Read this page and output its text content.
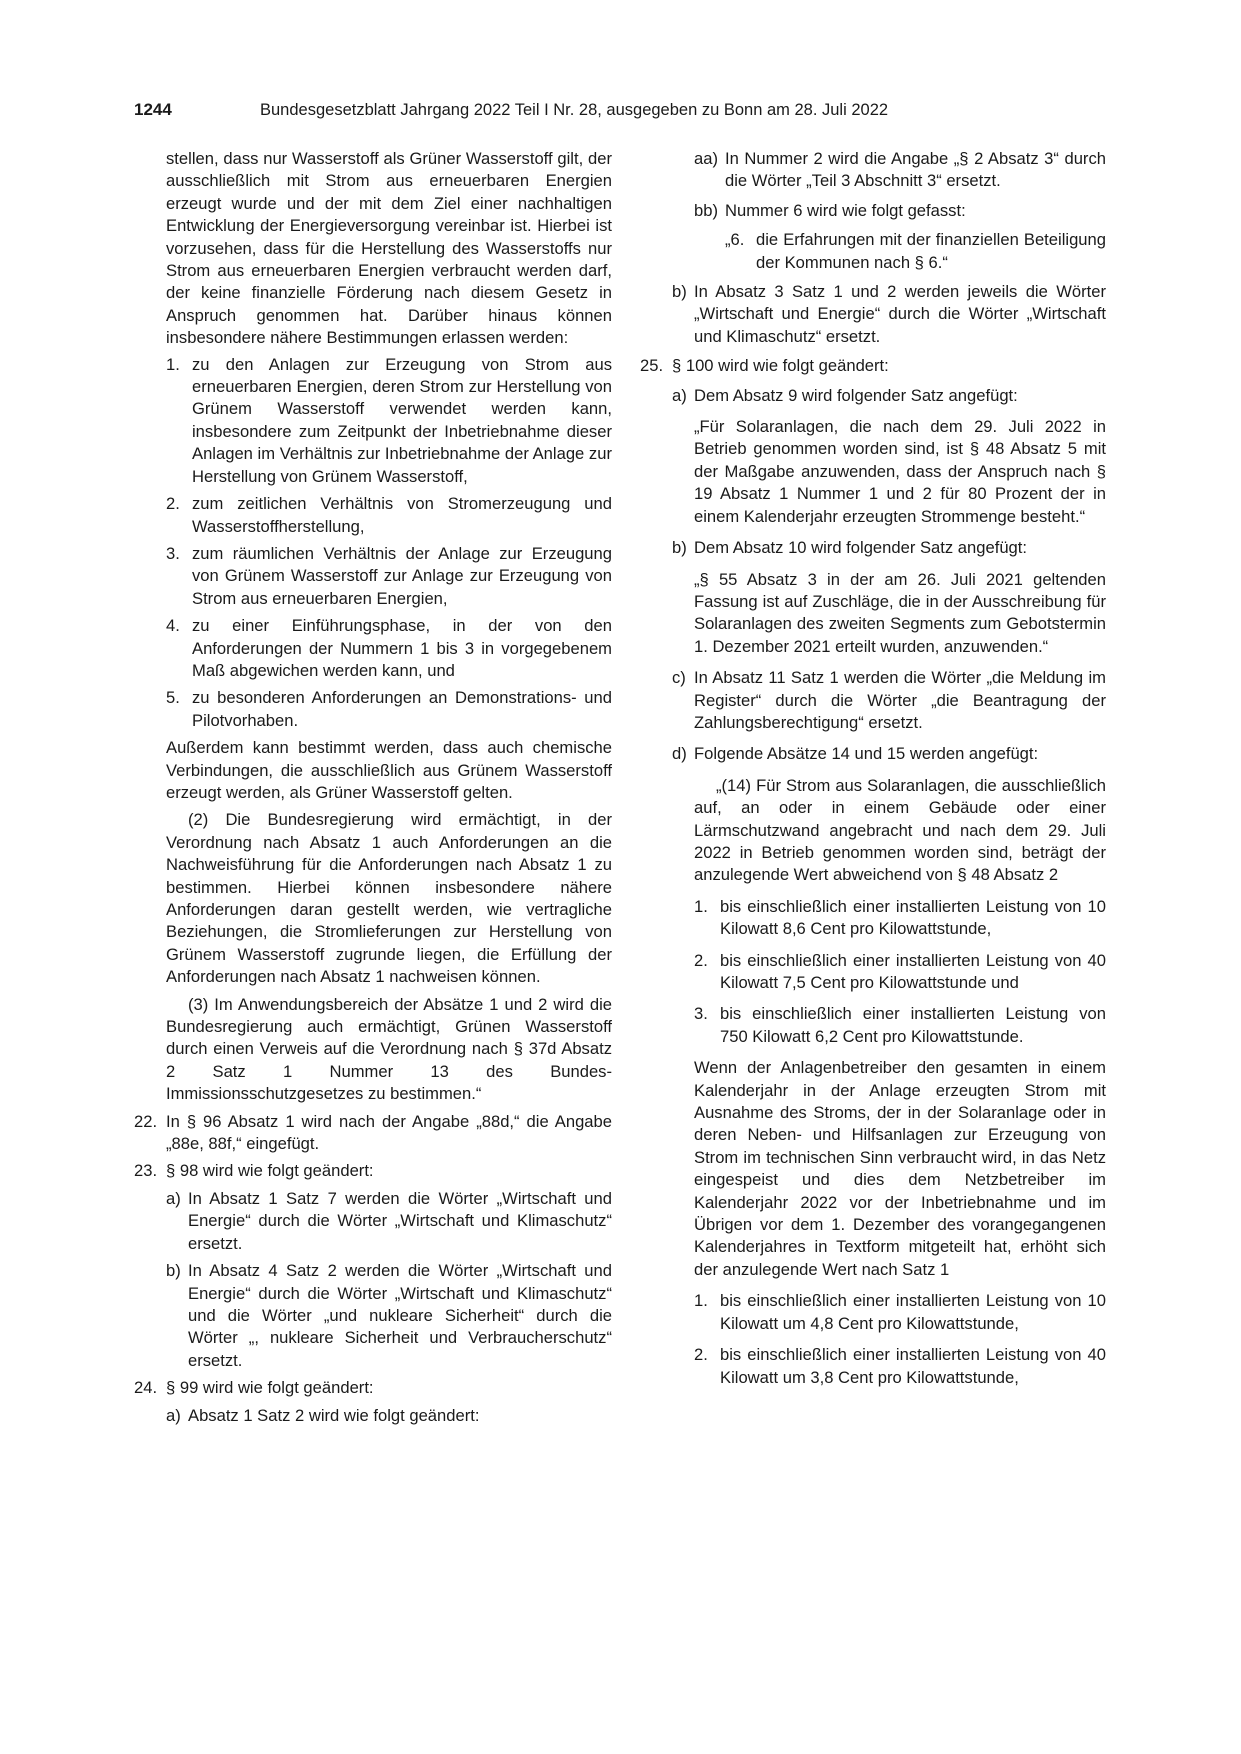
1244	Bundesgesetzblatt Jahrgang 2022 Teil I Nr. 28, ausgegeben zu Bonn am 28. Juli 2022

stellen, dass nur Wasserstoff als Grüner Wasserstoff gilt, der ausschließlich mit Strom aus erneuerbaren Energien erzeugt wurde und der mit dem Ziel einer nachhaltigen Entwicklung der Energieversorgung vereinbar ist. Hierbei ist vorzusehen, dass für die Herstellung des Wasserstoffs nur Strom aus erneuerbaren Energien verbraucht werden darf, der keine finanzielle Förderung nach diesem Gesetz in Anspruch genommen hat. Darüber hinaus können insbesondere nähere Bestimmungen erlassen werden:

1. zu den Anlagen zur Erzeugung von Strom aus erneuerbaren Energien, deren Strom zur Herstellung von Grünem Wasserstoff verwendet werden kann, insbesondere zum Zeitpunkt der Inbetriebnahme dieser Anlagen im Verhältnis zur Inbetriebnahme der Anlage zur Herstellung von Grünem Wasserstoff,
2. zum zeitlichen Verhältnis von Stromerzeugung und Wasserstoffherstellung,
3. zum räumlichen Verhältnis der Anlage zur Erzeugung von Grünem Wasserstoff zur Anlage zur Erzeugung von Strom aus erneuerbaren Energien,
4. zu einer Einführungsphase, in der von den Anforderungen der Nummern 1 bis 3 in vorgegebenem Maß abgewichen werden kann, und
5. zu besonderen Anforderungen an Demonstrations- und Pilotvorhaben.

Außerdem kann bestimmt werden, dass auch chemische Verbindungen, die ausschließlich aus Grünem Wasserstoff erzeugt werden, als Grüner Wasserstoff gelten.

(2) Die Bundesregierung wird ermächtigt, in der Verordnung nach Absatz 1 auch Anforderungen an die Nachweisführung für die Anforderungen nach Absatz 1 zu bestimmen. Hierbei können insbesondere nähere Anforderungen daran gestellt werden, wie vertragliche Beziehungen, die Stromlieferungen zur Herstellung von Grünem Wasserstoff zugrunde liegen, die Erfüllung der Anforderungen nach Absatz 1 nachweisen können.

(3) Im Anwendungsbereich der Absätze 1 und 2 wird die Bundesregierung auch ermächtigt, Grünen Wasserstoff durch einen Verweis auf die Verordnung nach § 37d Absatz 2 Satz 1 Nummer 13 des Bundes-Immissionsschutzgesetzes zu bestimmen.“

22. In § 96 Absatz 1 wird nach der Angabe „88d,“ die Angabe „88e, 88f,“ eingefügt.
23. § 98 wird wie folgt geändert:
a) In Absatz 1 Satz 7 werden die Wörter „Wirtschaft und Energie“ durch die Wörter „Wirtschaft und Klimaschutz“ ersetzt.
b) In Absatz 4 Satz 2 werden die Wörter „Wirtschaft und Energie“ durch die Wörter „Wirtschaft und Klimaschutz“ und die Wörter „und nukleare Sicherheit“ durch die Wörter „, nukleare Sicherheit und Verbraucherschutz“ ersetzt.
24. § 99 wird wie folgt geändert:
a) Absatz 1 Satz 2 wird wie folgt geändert:
aa) In Nummer 2 wird die Angabe „§ 2 Absatz 3“ durch die Wörter „Teil 3 Abschnitt 3“ ersetzt.
bb) Nummer 6 wird wie folgt gefasst:
„6. die Erfahrungen mit der finanziellen Beteiligung der Kommunen nach § 6.“
b) In Absatz 3 Satz 1 und 2 werden jeweils die Wörter „Wirtschaft und Energie“ durch die Wörter „Wirtschaft und Klimaschutz“ ersetzt.
25. § 100 wird wie folgt geändert:
a) Dem Absatz 9 wird folgender Satz angefügt:

„Für Solaranlagen, die nach dem 29. Juli 2022 in Betrieb genommen worden sind, ist § 48 Absatz 5 mit der Maßgabe anzuwenden, dass der Anspruch nach § 19 Absatz 1 Nummer 1 und 2 für 80 Prozent der in einem Kalenderjahr erzeugten Strommenge besteht.“

b) Dem Absatz 10 wird folgender Satz angefügt:

„§ 55 Absatz 3 in der am 26. Juli 2021 geltenden Fassung ist auf Zuschläge, die in der Ausschreibung für Solaranlagen des zweiten Segments zum Gebotstermin 1. Dezember 2021 erteilt wurden, anzuwenden.“

c) In Absatz 11 Satz 1 werden die Wörter „die Meldung im Register“ durch die Wörter „die Beantragung der Zahlungsberechtigung“ ersetzt.
d) Folgende Absätze 14 und 15 werden angefügt:

„(14) Für Strom aus Solaranlagen, die ausschließlich auf, an oder in einem Gebäude oder einer Lärmschutzwand angebracht und nach dem 29. Juli 2022 in Betrieb genommen worden sind, beträgt der anzulegende Wert abweichend von § 48 Absatz 2

1. bis einschließlich einer installierten Leistung von 10 Kilowatt 8,6 Cent pro Kilowattstunde,
2. bis einschließlich einer installierten Leistung von 40 Kilowatt 7,5 Cent pro Kilowattstunde und
3. bis einschließlich einer installierten Leistung von 750 Kilowatt 6,2 Cent pro Kilowattstunde.

Wenn der Anlagenbetreiber den gesamten in einem Kalenderjahr in der Anlage erzeugten Strom mit Ausnahme des Stroms, der in der Solaranlage oder in deren Neben- und Hilfsanlagen zur Erzeugung von Strom im technischen Sinn verbraucht wird, in das Netz eingespeist und dies dem Netzbetreiber im Kalenderjahr 2022 vor der Inbetriebnahme und im Übrigen vor dem 1. Dezember des vorangegangenen Kalenderjahres in Textform mitgeteilt hat, erhöht sich der anzulegende Wert nach Satz 1

1. bis einschließlich einer installierten Leistung von 10 Kilowatt um 4,8 Cent pro Kilowattstunde,
2. bis einschließlich einer installierten Leistung von 40 Kilowatt um 3,8 Cent pro Kilowattstunde,
